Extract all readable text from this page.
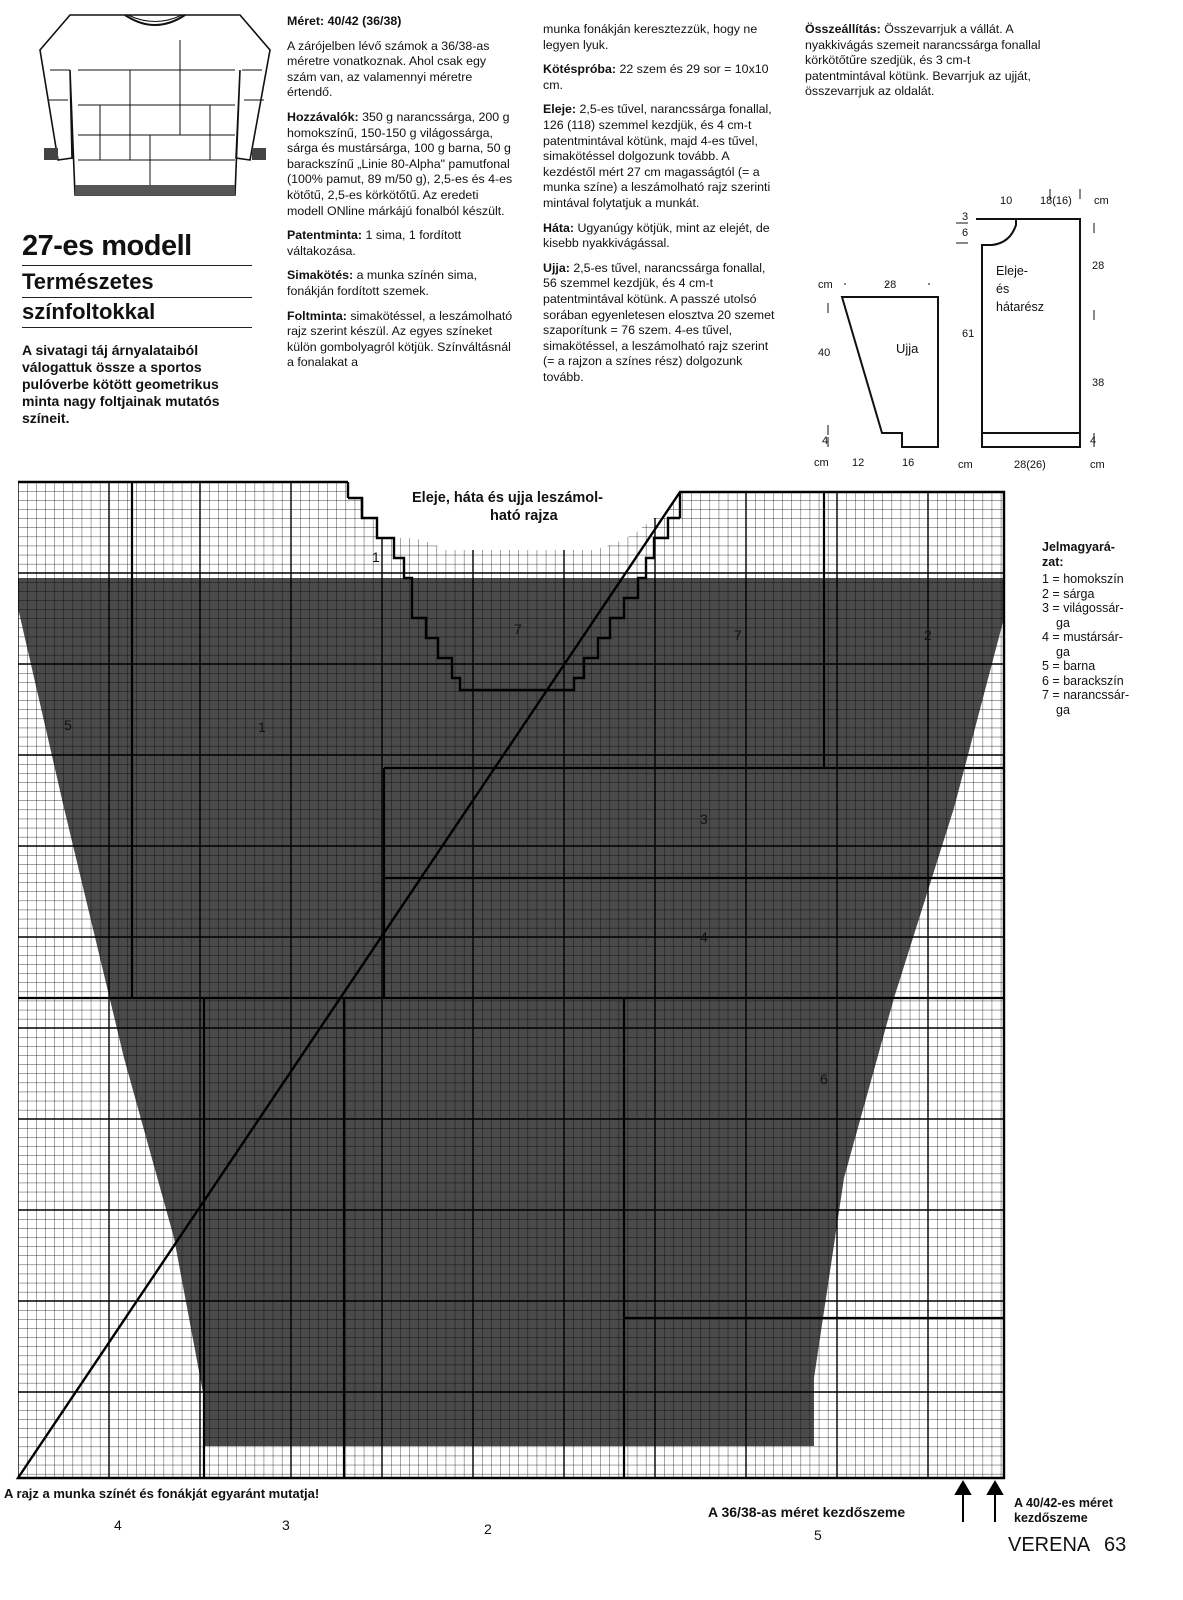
27-es modell
Természetes
színfoltokkal
A sivatagi táj árnyalataiból válogattuk össze a sportos pulóverbe kötött geometrikus minta nagy foltjainak mutatós színeit.

Méret: 40/42 (36/38)

A zárójelben lévő számok a 36/38-as méretre vonatkoznak. Ahol csak egy szám van, az valamennyi méretre értendő.

Hozzávalók: 350 g narancssárga, 200 g homokszínű, 150-150 g világossárga, sárga és mustársárga, 100 g barna, 50 g barackszínű „Linie 80-Alpha" pamutfonal (100% pamut, 89 m/50 g), 2,5-es és 4-es kötőtű, 2,5-es körkötőtű. Az eredeti modell ONline márkájú fonalból készült.

Patentminta: 1 sima, 1 fordított váltakozása.

Simakötés: a munka színén sima, fonákján fordított szemek.

Foltminta: simakötéssel, a leszámolható rajz szerint készül. Az egyes színeket külön gombolyagról kötjük. Színváltásnál a fonalakat a

munka fonákján keresztezzük, hogy ne legyen lyuk.

Kötéspróba: 22 szem és 29 sor = 10x10 cm.

Eleje: 2,5-es tűvel, narancssárga fonallal, 126 (118) szemmel kezdjük, és 4 cm-t patentmintával kötünk, majd 4-es tűvel, simakötéssel dolgozunk tovább. A kezdéstől mért 27 cm magasságtól (= a munka színe) a leszámolható rajz szerinti mintával folytatjuk a munkát.

Háta: Ugyanúgy kötjük, mint az elejét, de kisebb nyakkivágással.

Ujja: 2,5-es tűvel, narancssárga fonallal, 56 szemmel kezdjük, és 4 cm-t patentmintával kötünk. A passzé utolsó sorában egyenletesen elosztva 20 szemet szaporítunk = 76 szem. 4-es tűvel, simakötéssel, a leszámolható rajz szerint (= a rajzon a színes rész) dolgozunk tovább.

Összeállítás: Összevarrjuk a vállát. A nyakkivágás szemeit narancssárga fonallal körkötőtűre szedjük, és 3 cm-t patentmintával kötünk. Bevarrjuk az ujját, összevarrjuk az oldalát.

cm	28
40	Ujja
4
cm 12	16
10	18(16) cm
3
6
Eleje-
és
hátarész
28
61
38
4
cm	28(26)	cm
1
7	7	2
5	1
3
4
6
4	3	2	5
Eleje, háta és ujja leszámol-
ható rajza
Jelmagyará-
zat:
1 = homokszín
2 = sárga
3 = világossár-
ga
4 = mustársár-
ga
5 = barna
6 = barackszín
7 = narancssár-
ga
A rajz a munka színét és fonákját egyaránt mutatja!
A 36/38-as méret kezdőszeme
A 40/42-es méret
kezdőszeme
VERENA 63
